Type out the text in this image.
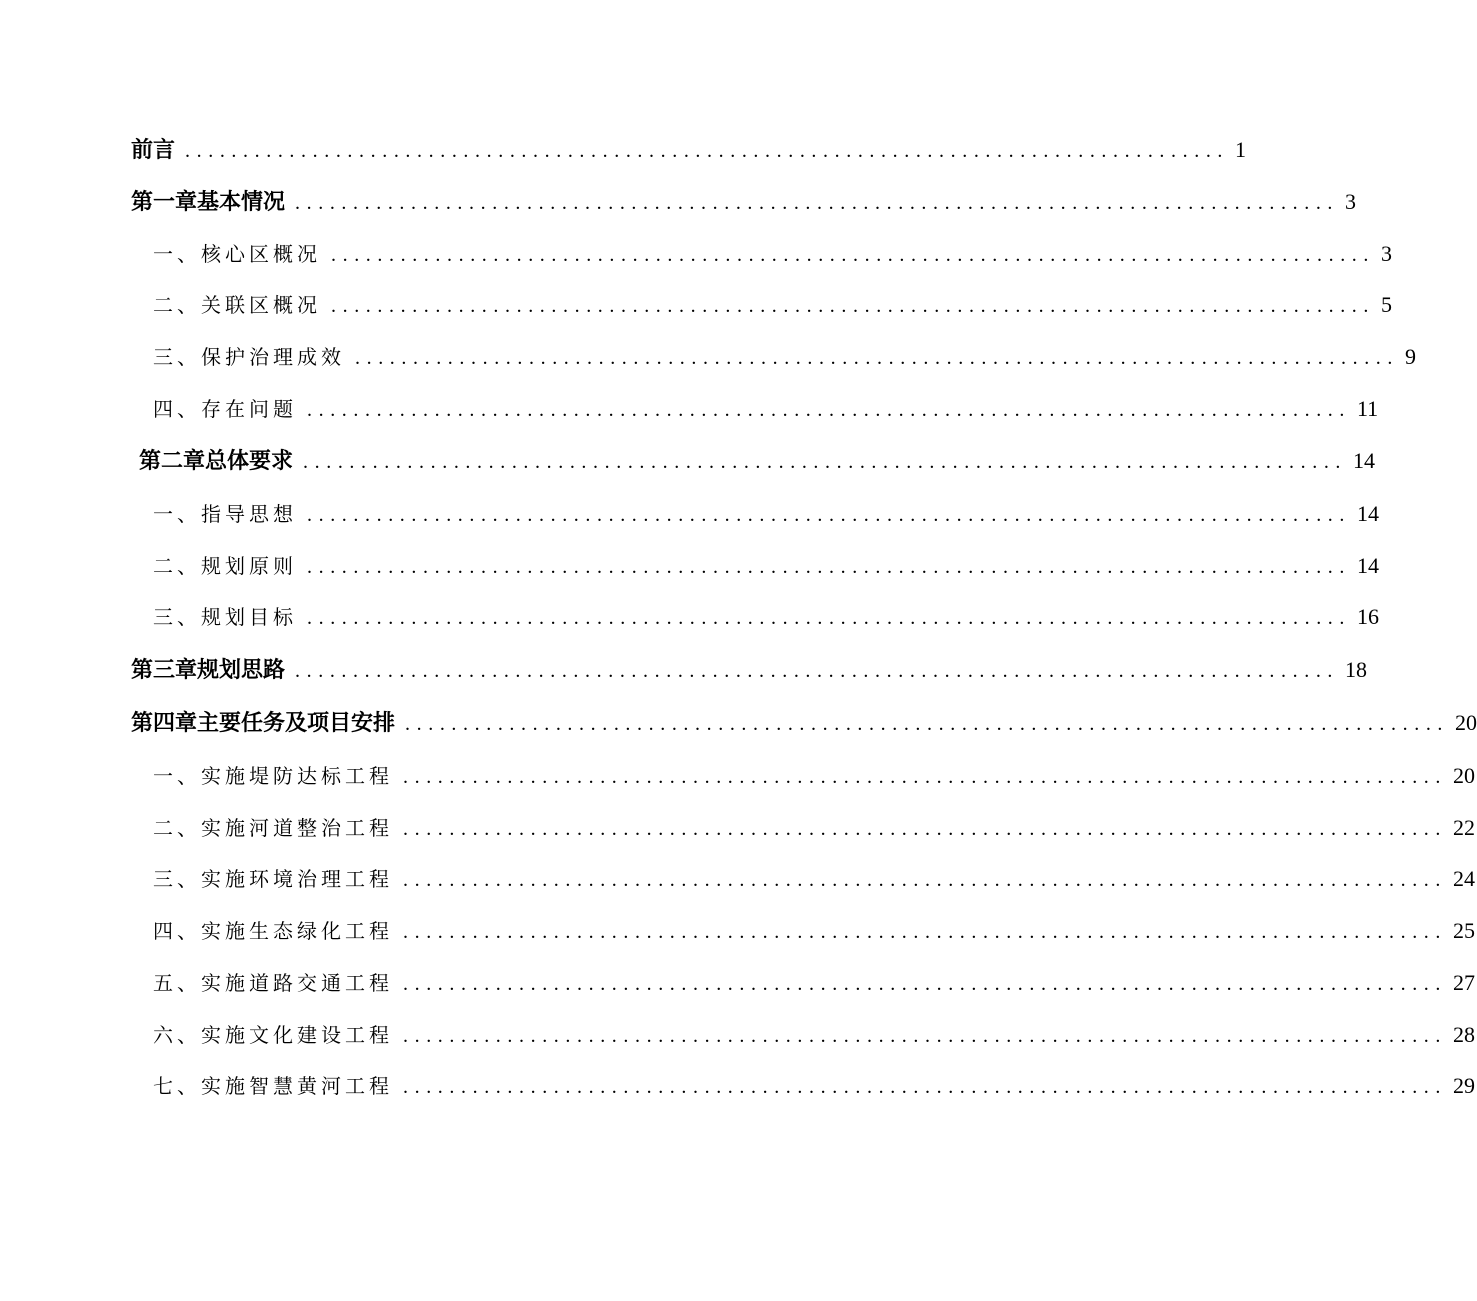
前言 .......................................................................................... 1
第一章基本情况 .......................................................................................... 3
一、核心区概况 .......................................................................................... 3
二、关联区概况 .......................................................................................... 5
三、保护治理成效 .......................................................................................... 9
四、存在问题 .......................................................................................... 11
第二章总体要求 .......................................................................................... 14
一、指导思想 .......................................................................................... 14
二、规划原则 .......................................................................................... 14
三、规划目标 .......................................................................................... 16
第三章规划思路 .......................................................................................... 18
第四章主要任务及项目安排 .......................................................................................... 20
一、实施堤防达标工程 .......................................................................................... 20
二、实施河道整治工程 .......................................................................................... 22
三、实施环境治理工程 .......................................................................................... 24
四、实施生态绿化工程 .......................................................................................... 25
五、实施道路交通工程 .......................................................................................... 27
六、实施文化建设工程 .......................................................................................... 28
七、实施智慧黄河工程 .......................................................................................... 29
